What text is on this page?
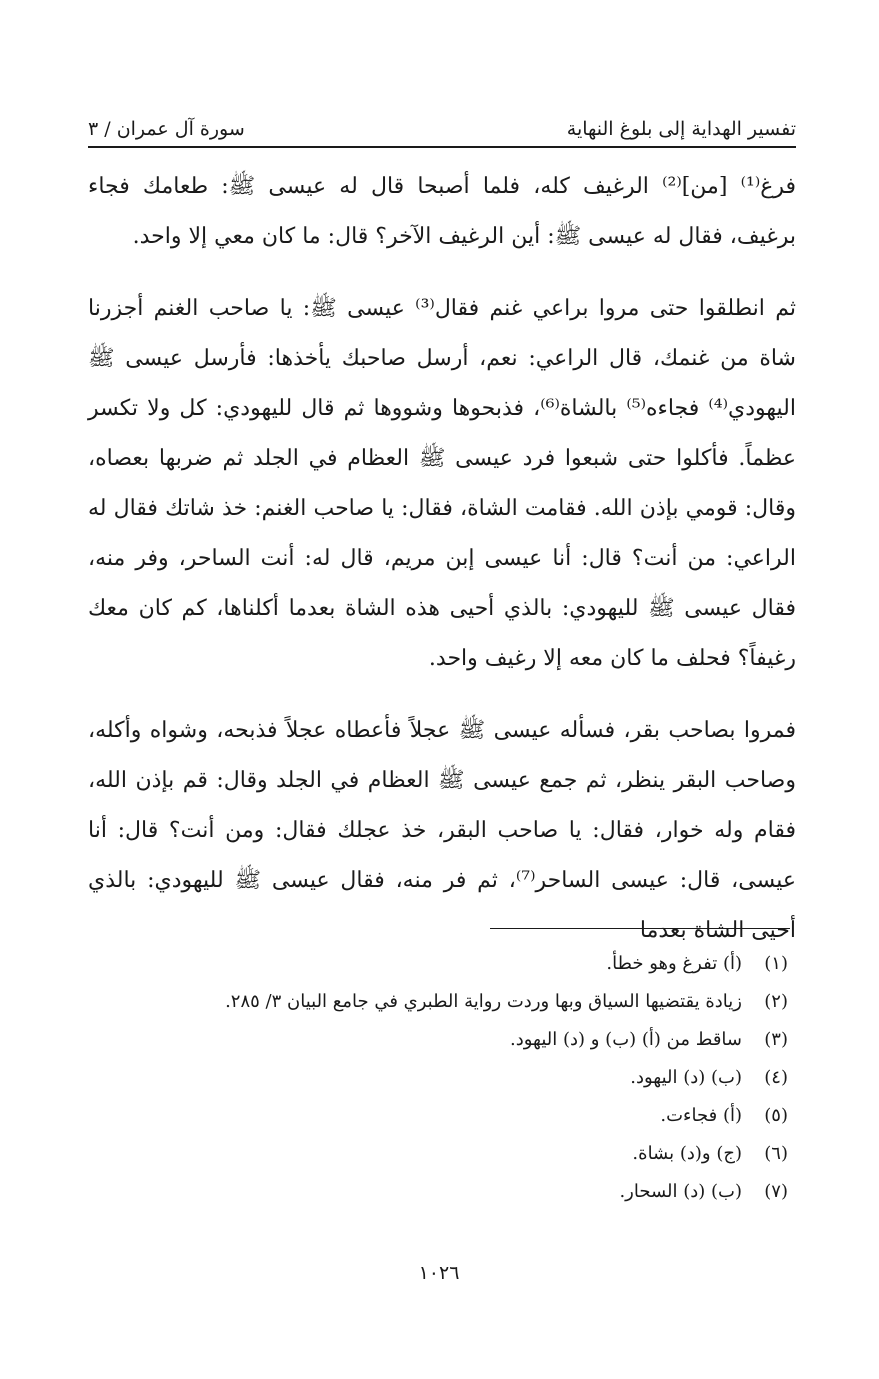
تفسير الهداية إلى بلوغ النهاية
سورة آل عمران / ٣

فرغ⁽¹⁾ [من]⁽²⁾ الرغيف كله، فلما أصبحا قال له عيسى ﷺ: طعامك فجاء برغيف، فقال له عيسى ﷺ: أين الرغيف الآخر؟ قال: ما كان معي إلا واحد.

ثم انطلقوا حتى مروا براعي غنم فقال⁽³⁾ عيسى ﷺ: يا صاحب الغنم أجزرنا شاة من غنمك، قال الراعي: نعم، أرسل صاحبك يأخذها: فأرسل عيسى ﷺ اليهودي⁽⁴⁾ فجاءه⁽⁵⁾ بالشاة⁽⁶⁾، فذبحوها وشووها ثم قال لليهودي: كل ولا تكسر عظماً. فأكلوا حتى شبعوا فرد عيسى ﷺ العظام في الجلد ثم ضربها بعصاه، وقال: قومي بإذن الله. فقامت الشاة، فقال: يا صاحب الغنم: خذ شاتك فقال له الراعي: من أنت؟ قال: أنا عيسى إبن مريم، قال له: أنت الساحر، وفر منه، فقال عيسى ﷺ لليهودي: بالذي أحيى هذه الشاة بعدما أكلناها، كم كان معك رغيفاً؟ فحلف ما كان معه إلا رغيف واحد.

فمروا بصاحب بقر، فسأله عيسى ﷺ عجلاً فأعطاه عجلاً فذبحه، وشواه وأكله، وصاحب البقر ينظر، ثم جمع عيسى ﷺ العظام في الجلد وقال: قم بإذن الله، فقام وله خوار، فقال: يا صاحب البقر، خذ عجلك فقال: ومن أنت؟ قال: أنا عيسى، قال: عيسى الساحر⁽⁷⁾، ثم فر منه، فقال عيسى ﷺ لليهودي: بالذي أحيى الشاة بعدما

(١)
(أ) تفرغ وهو خطأ.
(٢)
زيادة يقتضيها السياق وبها وردت رواية الطبري في جامع البيان ٣/ ٢٨٥.
(٣)
ساقط من (أ) (ب) و (د) اليهود.
(٤)
(ب) (د) اليهود.
(٥)
(أ) فجاءت.
(٦)
(ج) و(د) بشاة.
(٧)
(ب) (د) السحار.
١٠٢٦
